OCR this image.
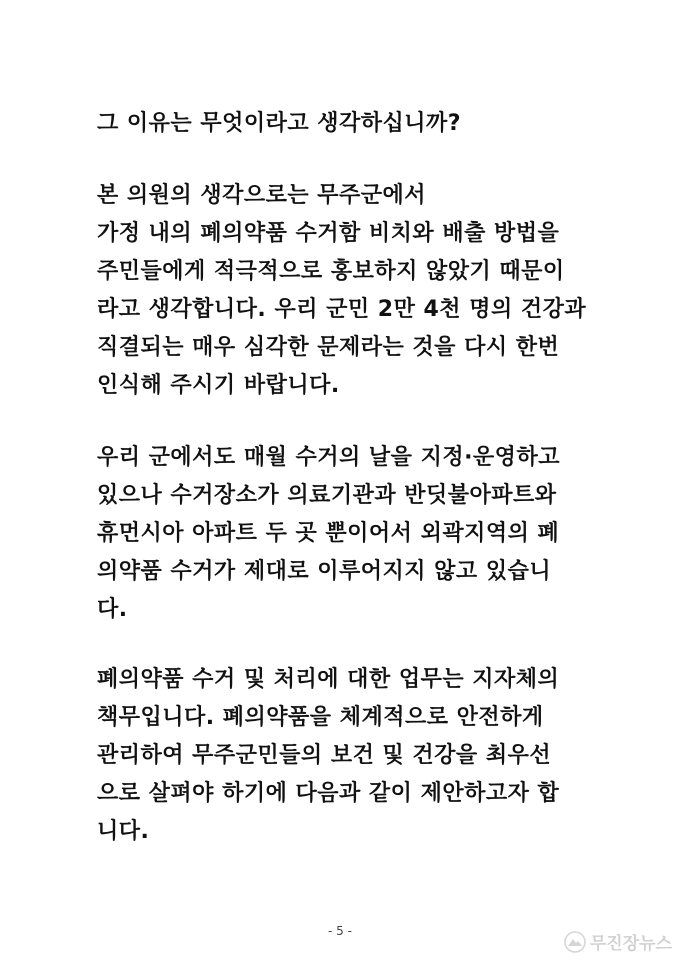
그 이유는 무엇이라고 생각하십니까?
본 의원의 생각으로는 무주군에서
가정 내의 폐의약품 수거함 비치와 배출 방법을
주민들에게 적극적으로 홍보하지 않았기 때문이
라고 생각합니다. 우리 군민 2만 4천 명의 건강과
직결되는 매우 심각한 문제라는 것을 다시 한번
인식해 주시기 바랍니다.
우리 군에서도 매월 수거의 날을 지정·운영하고
있으나 수거장소가 의료기관과 반딧불아파트와
휴먼시아 아파트 두 곳 뿐이어서 외곽지역의 폐
의약품 수거가 제대로 이루어지지 않고 있습니
다.
폐의약품 수거 및 처리에 대한 업무는 지자체의
책무입니다. 폐의약품을 체계적으로 안전하게
관리하여 무주군민들의 보건 및 건강을 최우선
으로 살펴야 하기에 다음과 같이 제안하고자 합
니다.
- 5 -
무진장뉴스
